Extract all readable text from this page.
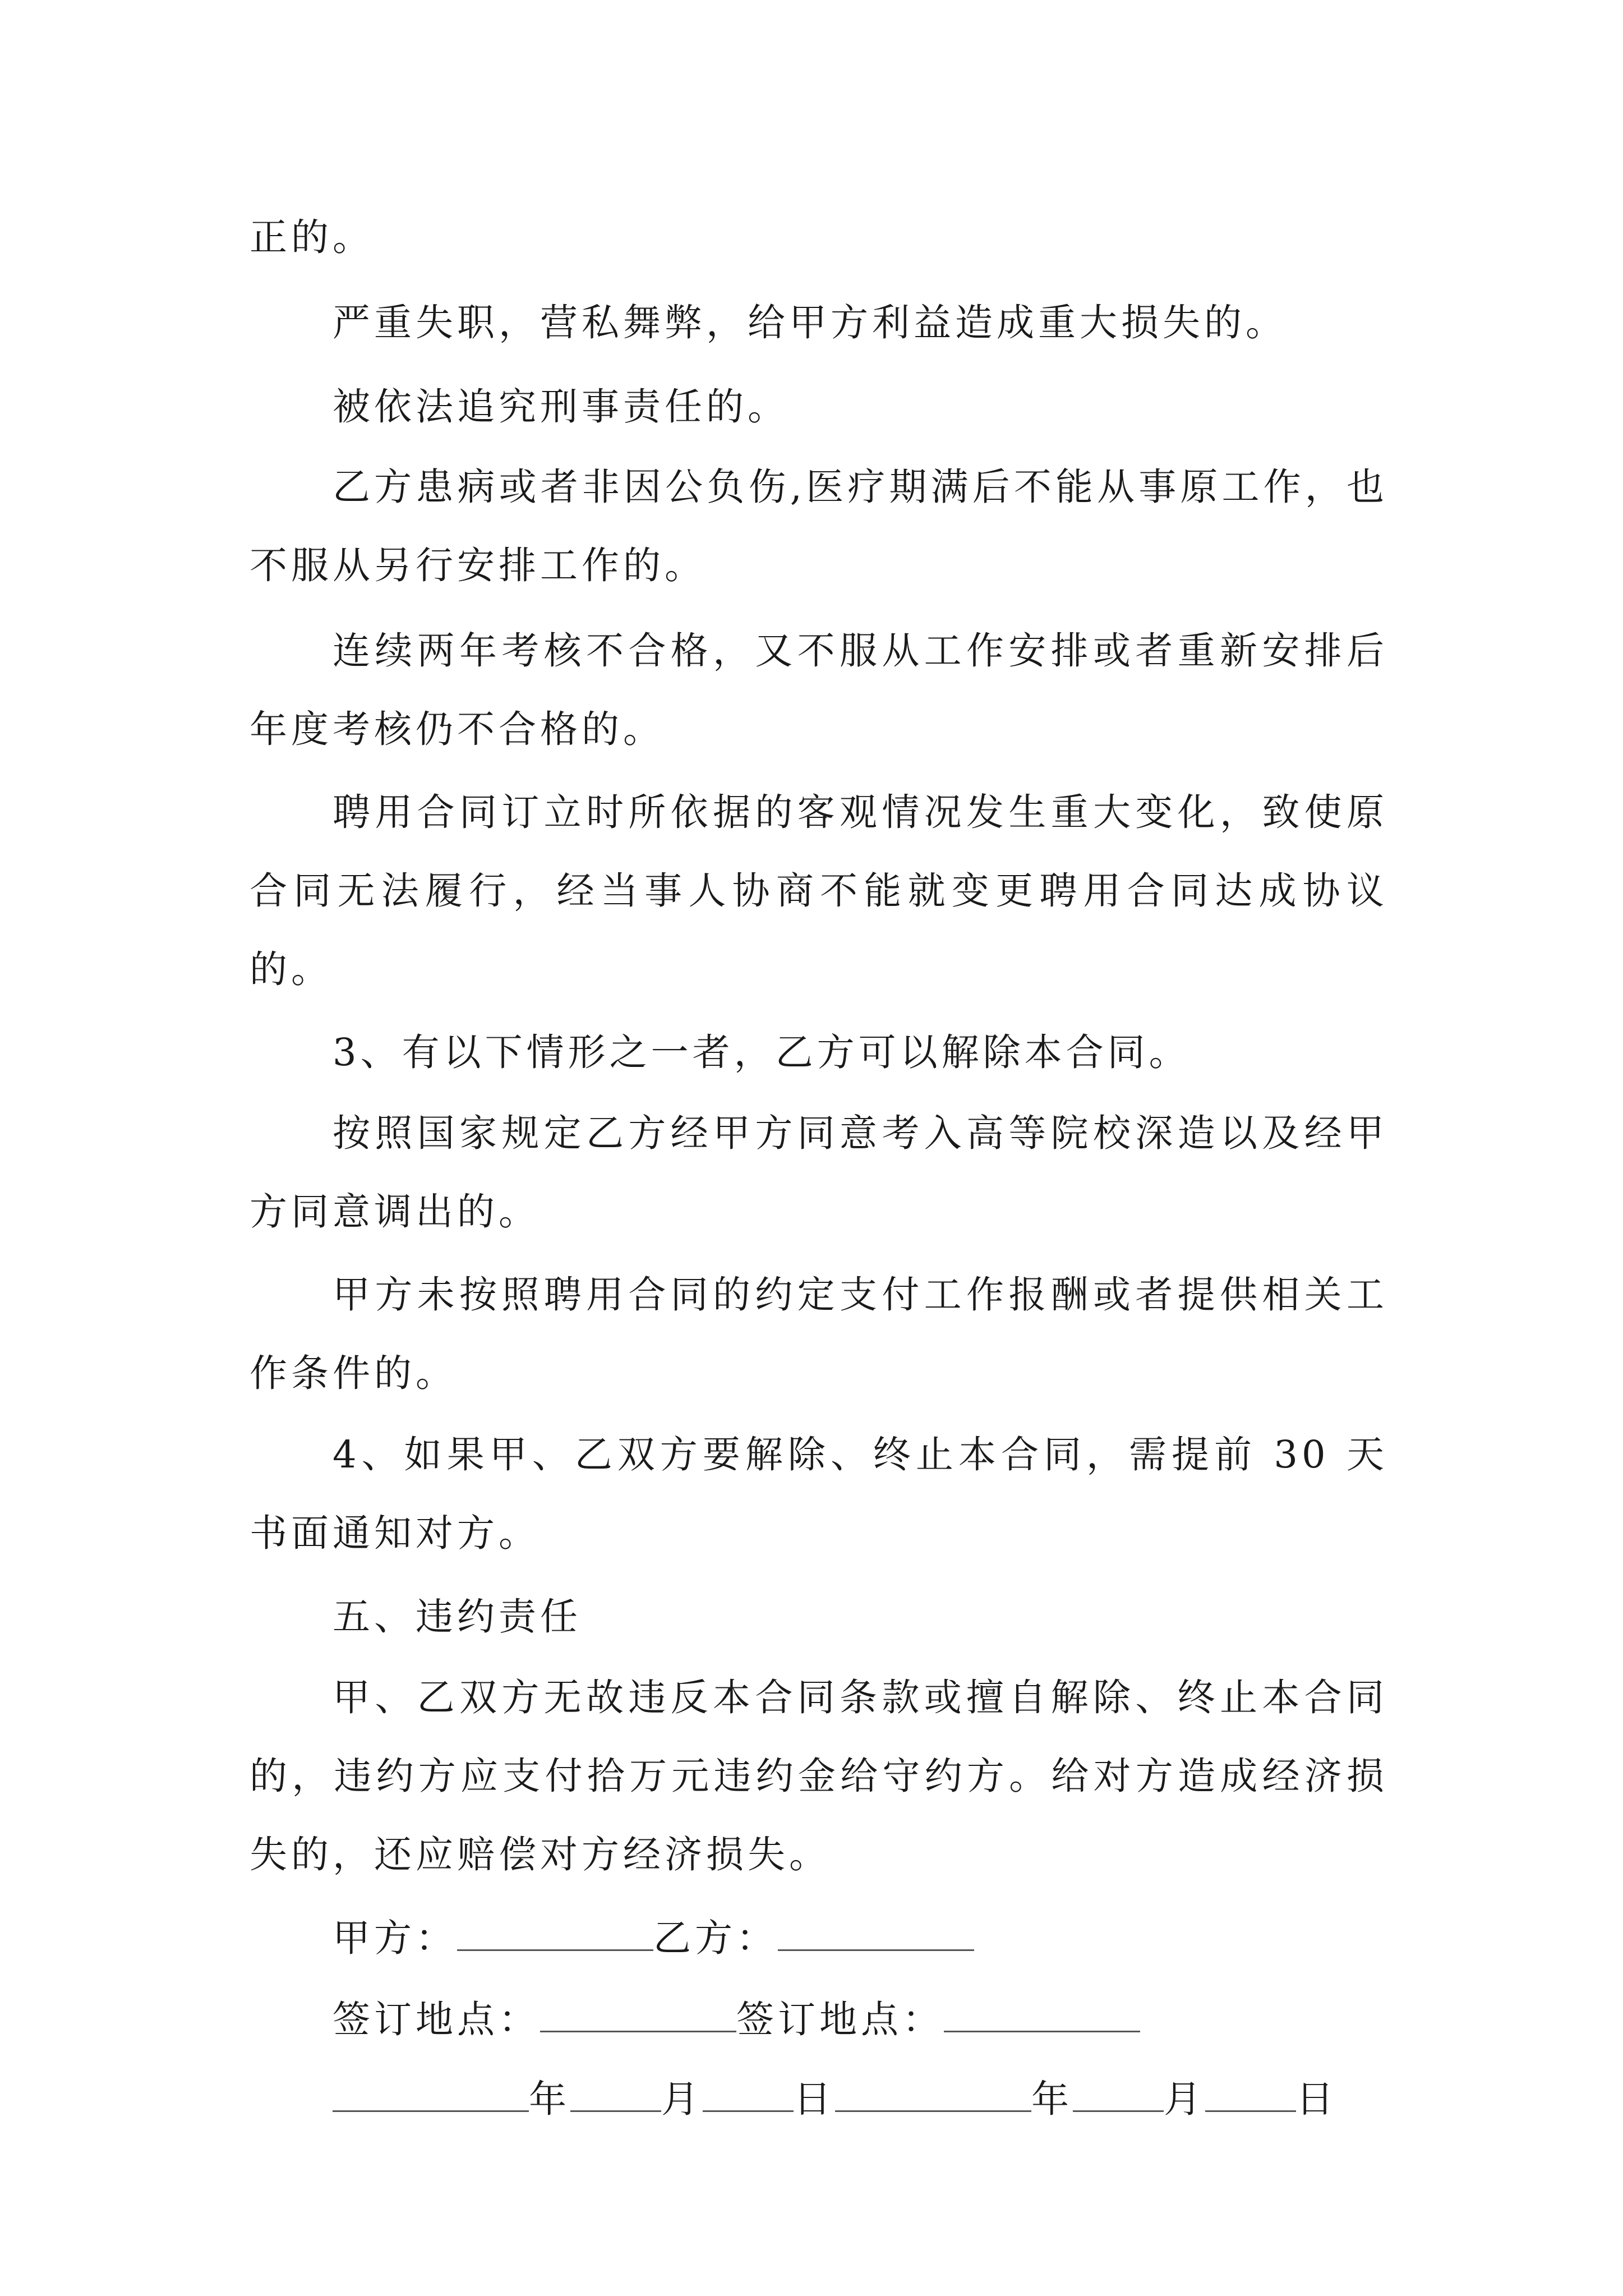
正的。

严重失职，营私舞弊，给甲方利益造成重大损失的。

被依法追究刑事责任的。

乙方患病或者非因公负伤,医疗期满后不能从事原工作，也不服从另行安排工作的。

连续两年考核不合格，又不服从工作安排或者重新安排后年度考核仍不合格的。

聘用合同订立时所依据的客观情况发生重大变化，致使原合同无法履行，经当事人协商不能就变更聘用合同达成协议的。

3、有以下情形之一者，乙方可以解除本合同。

按照国家规定乙方经甲方同意考入高等院校深造以及经甲方同意调出的。

甲方未按照聘用合同的约定支付工作报酬或者提供相关工作条件的。

4、如果甲、乙双方要解除、终止本合同，需提前 30 天书面通知对方。

五、违约责任

甲、乙双方无故违反本合同条款或擅自解除、终止本合同的，违约方应支付拾万元违约金给守约方。给对方造成经济损失的，还应赔偿对方经济损失。

甲方：	乙方：
签订地点：	签订地点：
年 月 日	年 月 日
